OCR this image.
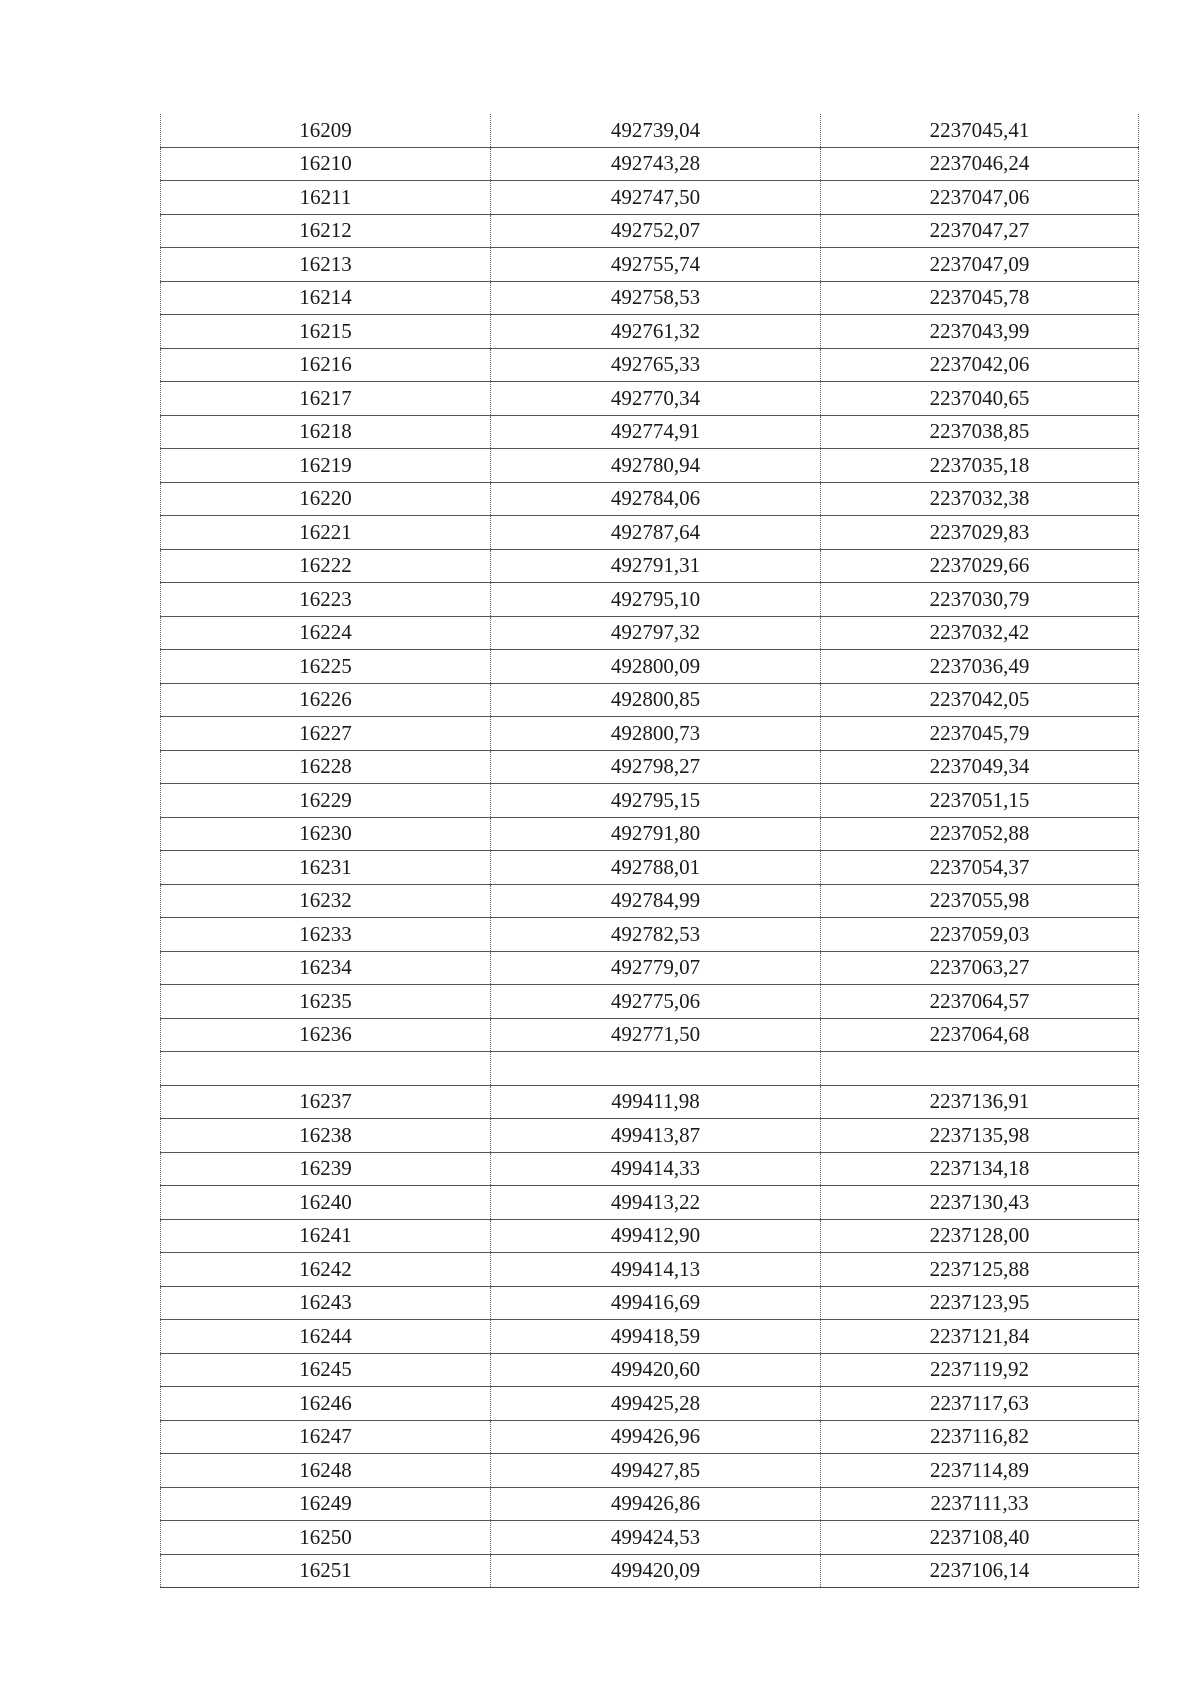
16209	492739,04	2237045,41
16210	492743,28	2237046,24
16211	492747,50	2237047,06
16212	492752,07	2237047,27
16213	492755,74	2237047,09
16214	492758,53	2237045,78
16215	492761,32	2237043,99
16216	492765,33	2237042,06
16217	492770,34	2237040,65
16218	492774,91	2237038,85
16219	492780,94	2237035,18
16220	492784,06	2237032,38
16221	492787,64	2237029,83
16222	492791,31	2237029,66
16223	492795,10	2237030,79
16224	492797,32	2237032,42
16225	492800,09	2237036,49
16226	492800,85	2237042,05
16227	492800,73	2237045,79
16228	492798,27	2237049,34
16229	492795,15	2237051,15
16230	492791,80	2237052,88
16231	492788,01	2237054,37
16232	492784,99	2237055,98
16233	492782,53	2237059,03
16234	492779,07	2237063,27
16235	492775,06	2237064,57
16236	492771,50	2237064,68

16237	499411,98	2237136,91
16238	499413,87	2237135,98
16239	499414,33	2237134,18
16240	499413,22	2237130,43
16241	499412,90	2237128,00
16242	499414,13	2237125,88
16243	499416,69	2237123,95
16244	499418,59	2237121,84
16245	499420,60	2237119,92
16246	499425,28	2237117,63
16247	499426,96	2237116,82
16248	499427,85	2237114,89
16249	499426,86	2237111,33
16250	499424,53	2237108,40
16251	499420,09	2237106,14
